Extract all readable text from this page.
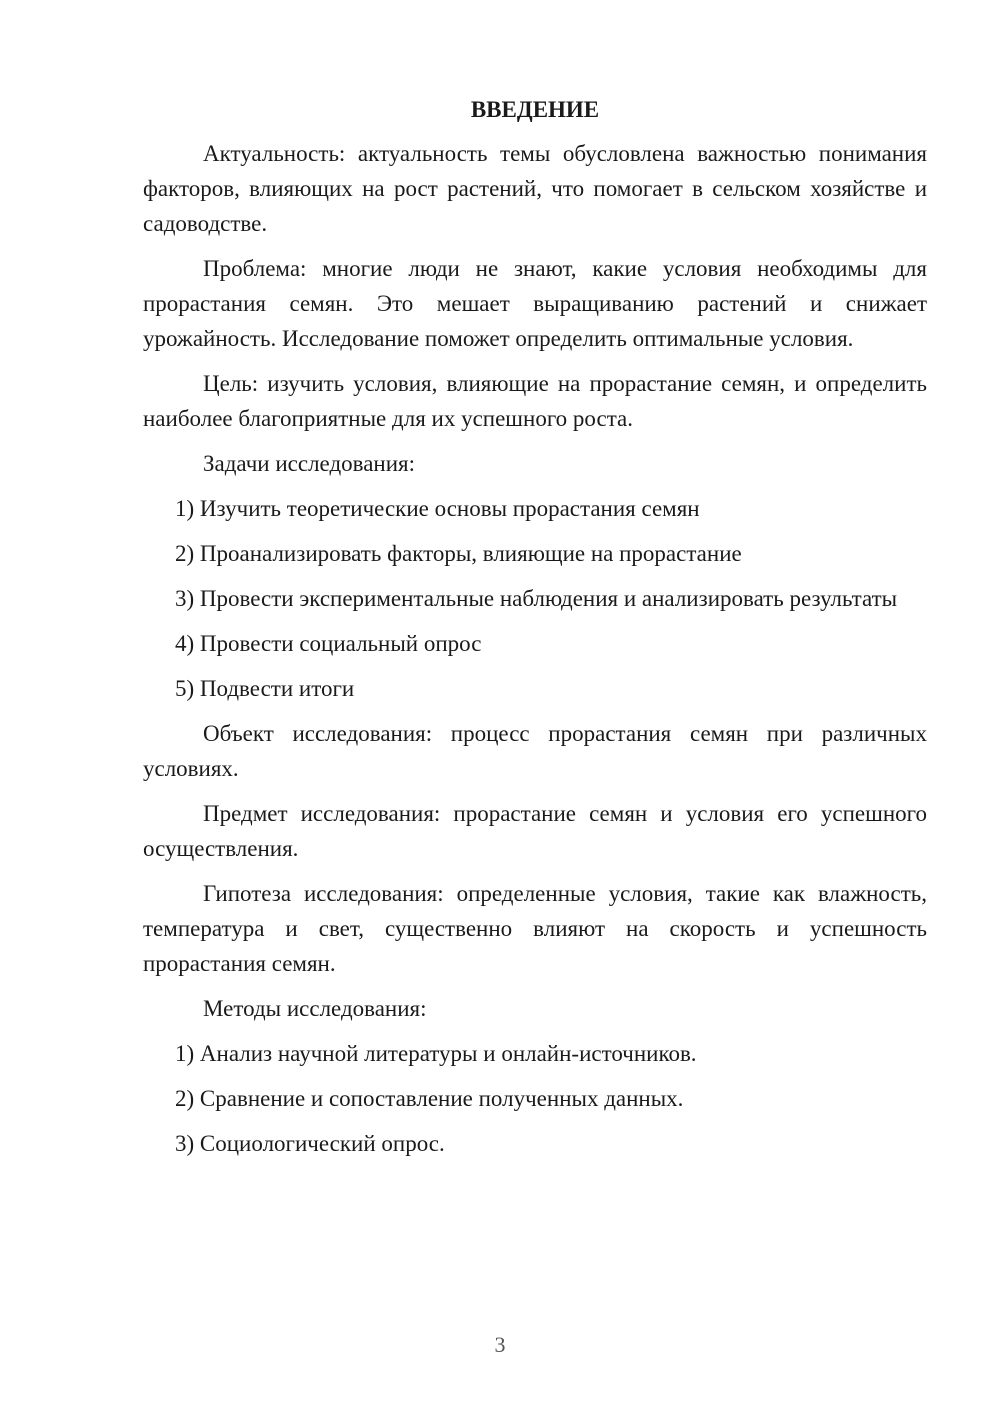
ВВЕДЕНИЕ

Актуальность: актуальность темы обусловлена важностью понимания факторов, влияющих на рост растений, что помогает в сельском хозяйстве и садоводстве.

Проблема: многие люди не знают, какие условия необходимы для прорастания семян. Это мешает выращиванию растений и снижает урожайность. Исследование поможет определить оптимальные условия.

Цель: изучить условия, влияющие на прорастание семян, и определить наиболее благоприятные для их успешного роста.

Задачи исследования:

1) Изучить теоретические основы прорастания семян

2) Проанализировать факторы, влияющие на прорастание

3) Провести экспериментальные наблюдения и анализировать результаты

4) Провести социальный опрос

5) Подвести итоги

Объект исследования: процесс прорастания семян при различных условиях.

Предмет исследования: прорастание семян и условия его успешного осуществления.

Гипотеза исследования: определенные условия, такие как влажность, температура и свет, существенно влияют на скорость и успешность прорастания семян.

Методы исследования:

1) Анализ научной литературы и онлайн-источников.

2) Сравнение и сопоставление полученных данных.

3) Социологический опрос.

3
